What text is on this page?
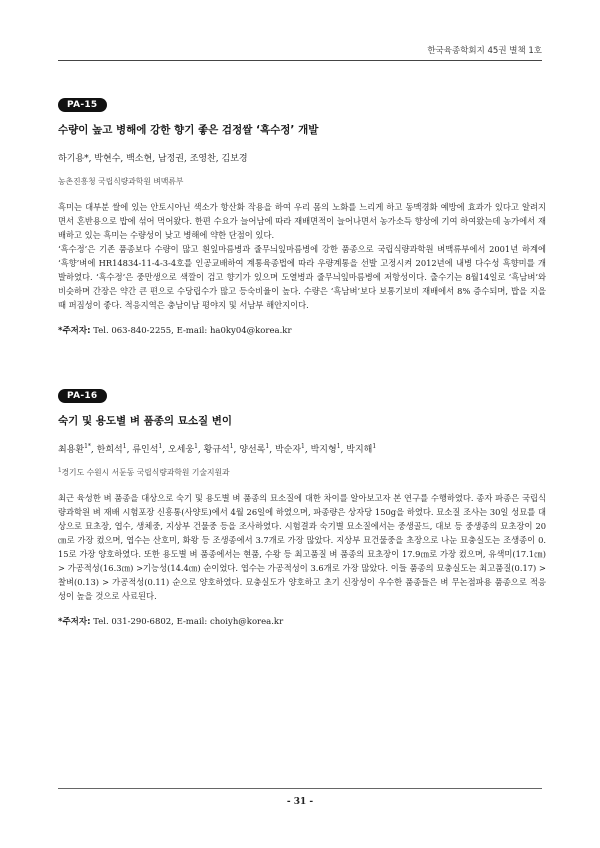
한국육종학회지 45권 별책 1호
PA-15

수량이 높고 병해에 강한 향기 좋은 검정쌀 ‘흑수정’ 개발

하기용*, 박현수, 백소현, 남정권, 조영찬, 김보경

농촌진흥청 국립식량과학원 벼맥류부

흑미는 대부분 쌀에 있는 안토시아닌 색소가 항산화 작용을 하여 우리 몸의 노화를 느리게 하고 동맥경화 예방에 효과가 있다고 알려지면서 혼반용으로 밥에 섞어 먹어왔다. 한편 수요가 늘어남에 따라 재배면적이 늘어나면서 농가소득 향상에 기여 하여왔는데 농가에서 재배하고 있는 흑미는 수량성이 낮고 병해에 약한 단점이 있다.

‘흑수정’은 기존 품종보다 수량이 많고 흰잎마름병과 줄무늬잎마름병에 강한 품종으로 국립식량과학원 벼맥류부에서 2001년 하계에 ‘흑향’벼에 HR14834-11-4-3-4호를 인공교배하여 계통육종법에 따라 우량계통을 선발 고정시켜 2012년에 내병 다수성 흑향미를 개발하였다. ‘흑수정’은 중만생으로 색깔이 검고 향기가 있으며 도열병과 줄무늬잎마름병에 저항성이다. 출수기는 8월14일로 ‘흑남벼’와 비슷하며 간장은 약간 큰 편으로 수당립수가 많고 등숙비율이 높다. 수량은 ‘흑남벼’보다 보통기보비 재배에서 8% 증수되며, 밥을 지을 때 퍼짐성이 좋다. 적응지역은 충남이남 평야지 및 서남부 해안지이다.

*주저자: Tel. 063-840-2255, E-mail: ha0ky04@korea.kr

PA-16

숙기 및 용도별 벼 품종의 묘소질 변이

최용환$^{1*}$, 한희석$^1$, 류인석$^1$, 오세웅$^1$, 황규석$^1$, 양선록$^1$, 박순자$^1$, 박지형$^1$, 박지해$^1$

$^1$경기도 수원시 서둔동 국립식량과학원 기술지원과

최근 육성한 벼 품종을 대상으로 숙기 및 용도별 벼 품종의 묘소질에 대한 차이를 알아보고자 본 연구를 수행하였다. 종자 파종은 국립식량과학원 벼 재배 시험포장 신흥통(사양토)에서 4월 26일에 하였으며, 파종량은 상자당 150g을 하였다. 묘소질 조사는 30일 성묘를 대상으로 묘초장, 엽수, 생체중, 지상부 건물중 등을 조사하였다. 시험결과 숙기별 묘소질에서는 중생골드, 대보 등 중생종의 묘초장이 20㎝로 가장 컸으며, 엽수는 산호미, 화왕 등 조생종에서 3.7개로 가장 많았다. 지상부 묘건물중을 초장으로 나눈 묘충실도는 조생종이 0.15로 가장 양호하였다. 또한 용도별 벼 품종에서는 현품, 수왕 등 최고품질 벼 품종의 묘초장이 17.9㎝로 가장 컸으며, 유색미(17.1㎝) > 가공적성(16.3㎝) >기능성(14.4㎝) 순이었다. 엽수는 가공적성이 3.6개로 가장 많았다. 이들 품종의 묘충실도는 최고품질(0.17) > 찰벼(0.13) > 가공적성(0.11) 순으로 양호하였다. 묘충실도가 양호하고 초기 신장성이 우수한 품종들은 벼 무논점파용 품종으로 적응성이 높을 것으로 사료된다.

*주저자: Tel. 031-290-6802, E-mail: choiyh@korea.kr

- 31 -
